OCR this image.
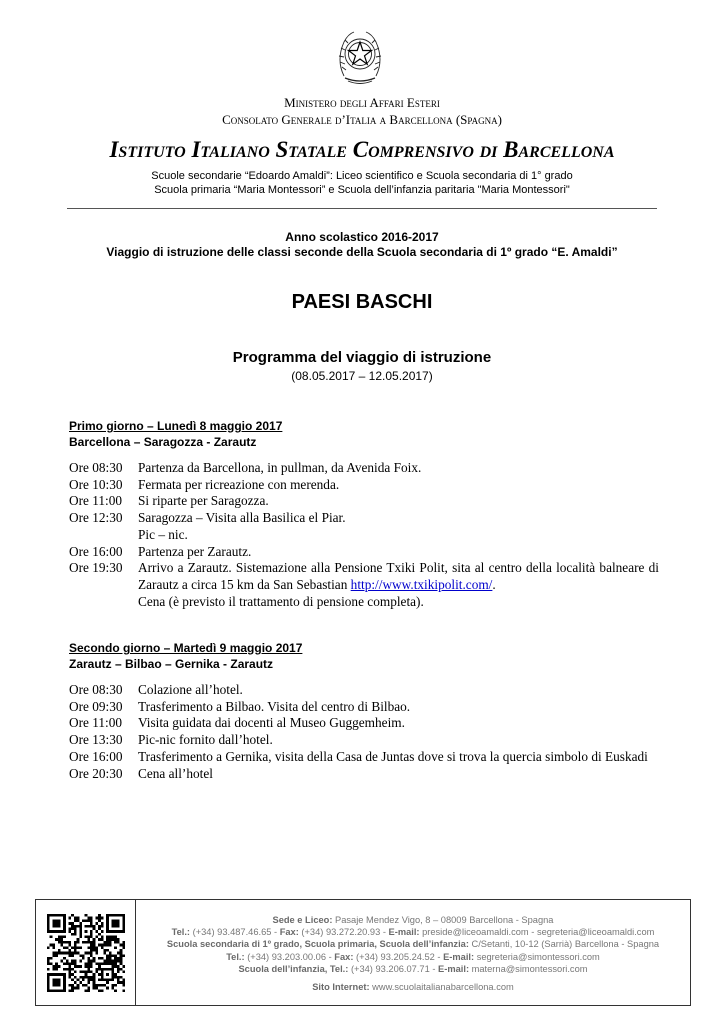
Ministero degli Affari Esteri
Consolato Generale d’Italia a Barcellona (Spagna)
Istituto Italiano Statale Comprensivo di Barcellona
Scuole secondarie “Edoardo Amaldi”: Liceo scientifico e Scuola secondaria di 1° grado
Scuola primaria “Maria Montessori” e Scuola dell’infanzia paritaria "Maria Montessori"
Anno scolastico 2016-2017
Viaggio di istruzione delle classi seconde della Scuola secondaria di 1º grado “E. Amaldi”
PAESI BASCHI
Programma del viaggio di istruzione
(08.05.2017 – 12.05.2017)
Primo giorno – Lunedì 8 maggio 2017
Barcellona – Saragozza - Zarautz
Ore 08:30	Partenza da Barcellona, in pullman, da Avenida Foix.
Ore 10:30	Fermata per ricreazione con merenda.
Ore 11:00	Si riparte per Saragozza.
Ore 12:30	Saragozza – Visita alla Basilica el Piar.
Pic – nic.
Ore 16:00	Partenza per Zarautz.
Ore 19:30	Arrivo a Zarautz. Sistemazione alla Pensione Txiki Polit, sita al centro della località balneare di Zarautz a circa 15 km da San Sebastian http://www.txikipolit.com/.
Cena (è previsto il trattamento di pensione completa).
Secondo giorno – Martedì 9 maggio 2017
Zarautz – Bilbao – Gernika - Zarautz
Ore 08:30	Colazione all’hotel.
Ore 09:30	Trasferimento a Bilbao. Visita del centro di Bilbao.
Ore 11:00	Visita guidata dai docenti al Museo Guggemheim.
Ore 13:30	Pic-nic fornito dall’hotel.
Ore 16:00	Trasferimento a Gernika, visita della Casa de Juntas dove si trova la quercia simbolo di Euskadi
Ore 20:30	Cena all’hotel
Sede e Liceo: Pasaje Mendez Vigo, 8 – 08009 Barcellona - Spagna
Tel.: (+34) 93.487.46.65 - Fax: (+34) 93.272.20.93 - E-mail: preside@liceoamaldi.com - segreteria@liceoamaldi.com
Scuola secondaria di 1º grado, Scuola primaria, Scuola dell’infanzia: C/Setanti, 10-12 (Sarrià) Barcellona - Spagna
Tel.: (+34) 93.203.00.06 - Fax: (+34) 93.205.24.52 - E-mail: segreteria@simontessori.com
Scuola dell’infanzia, Tel.: (+34) 93.206.07.71 - E-mail: materna@simontessori.com
Sito Internet: www.scuolaitalianabarcellona.com
